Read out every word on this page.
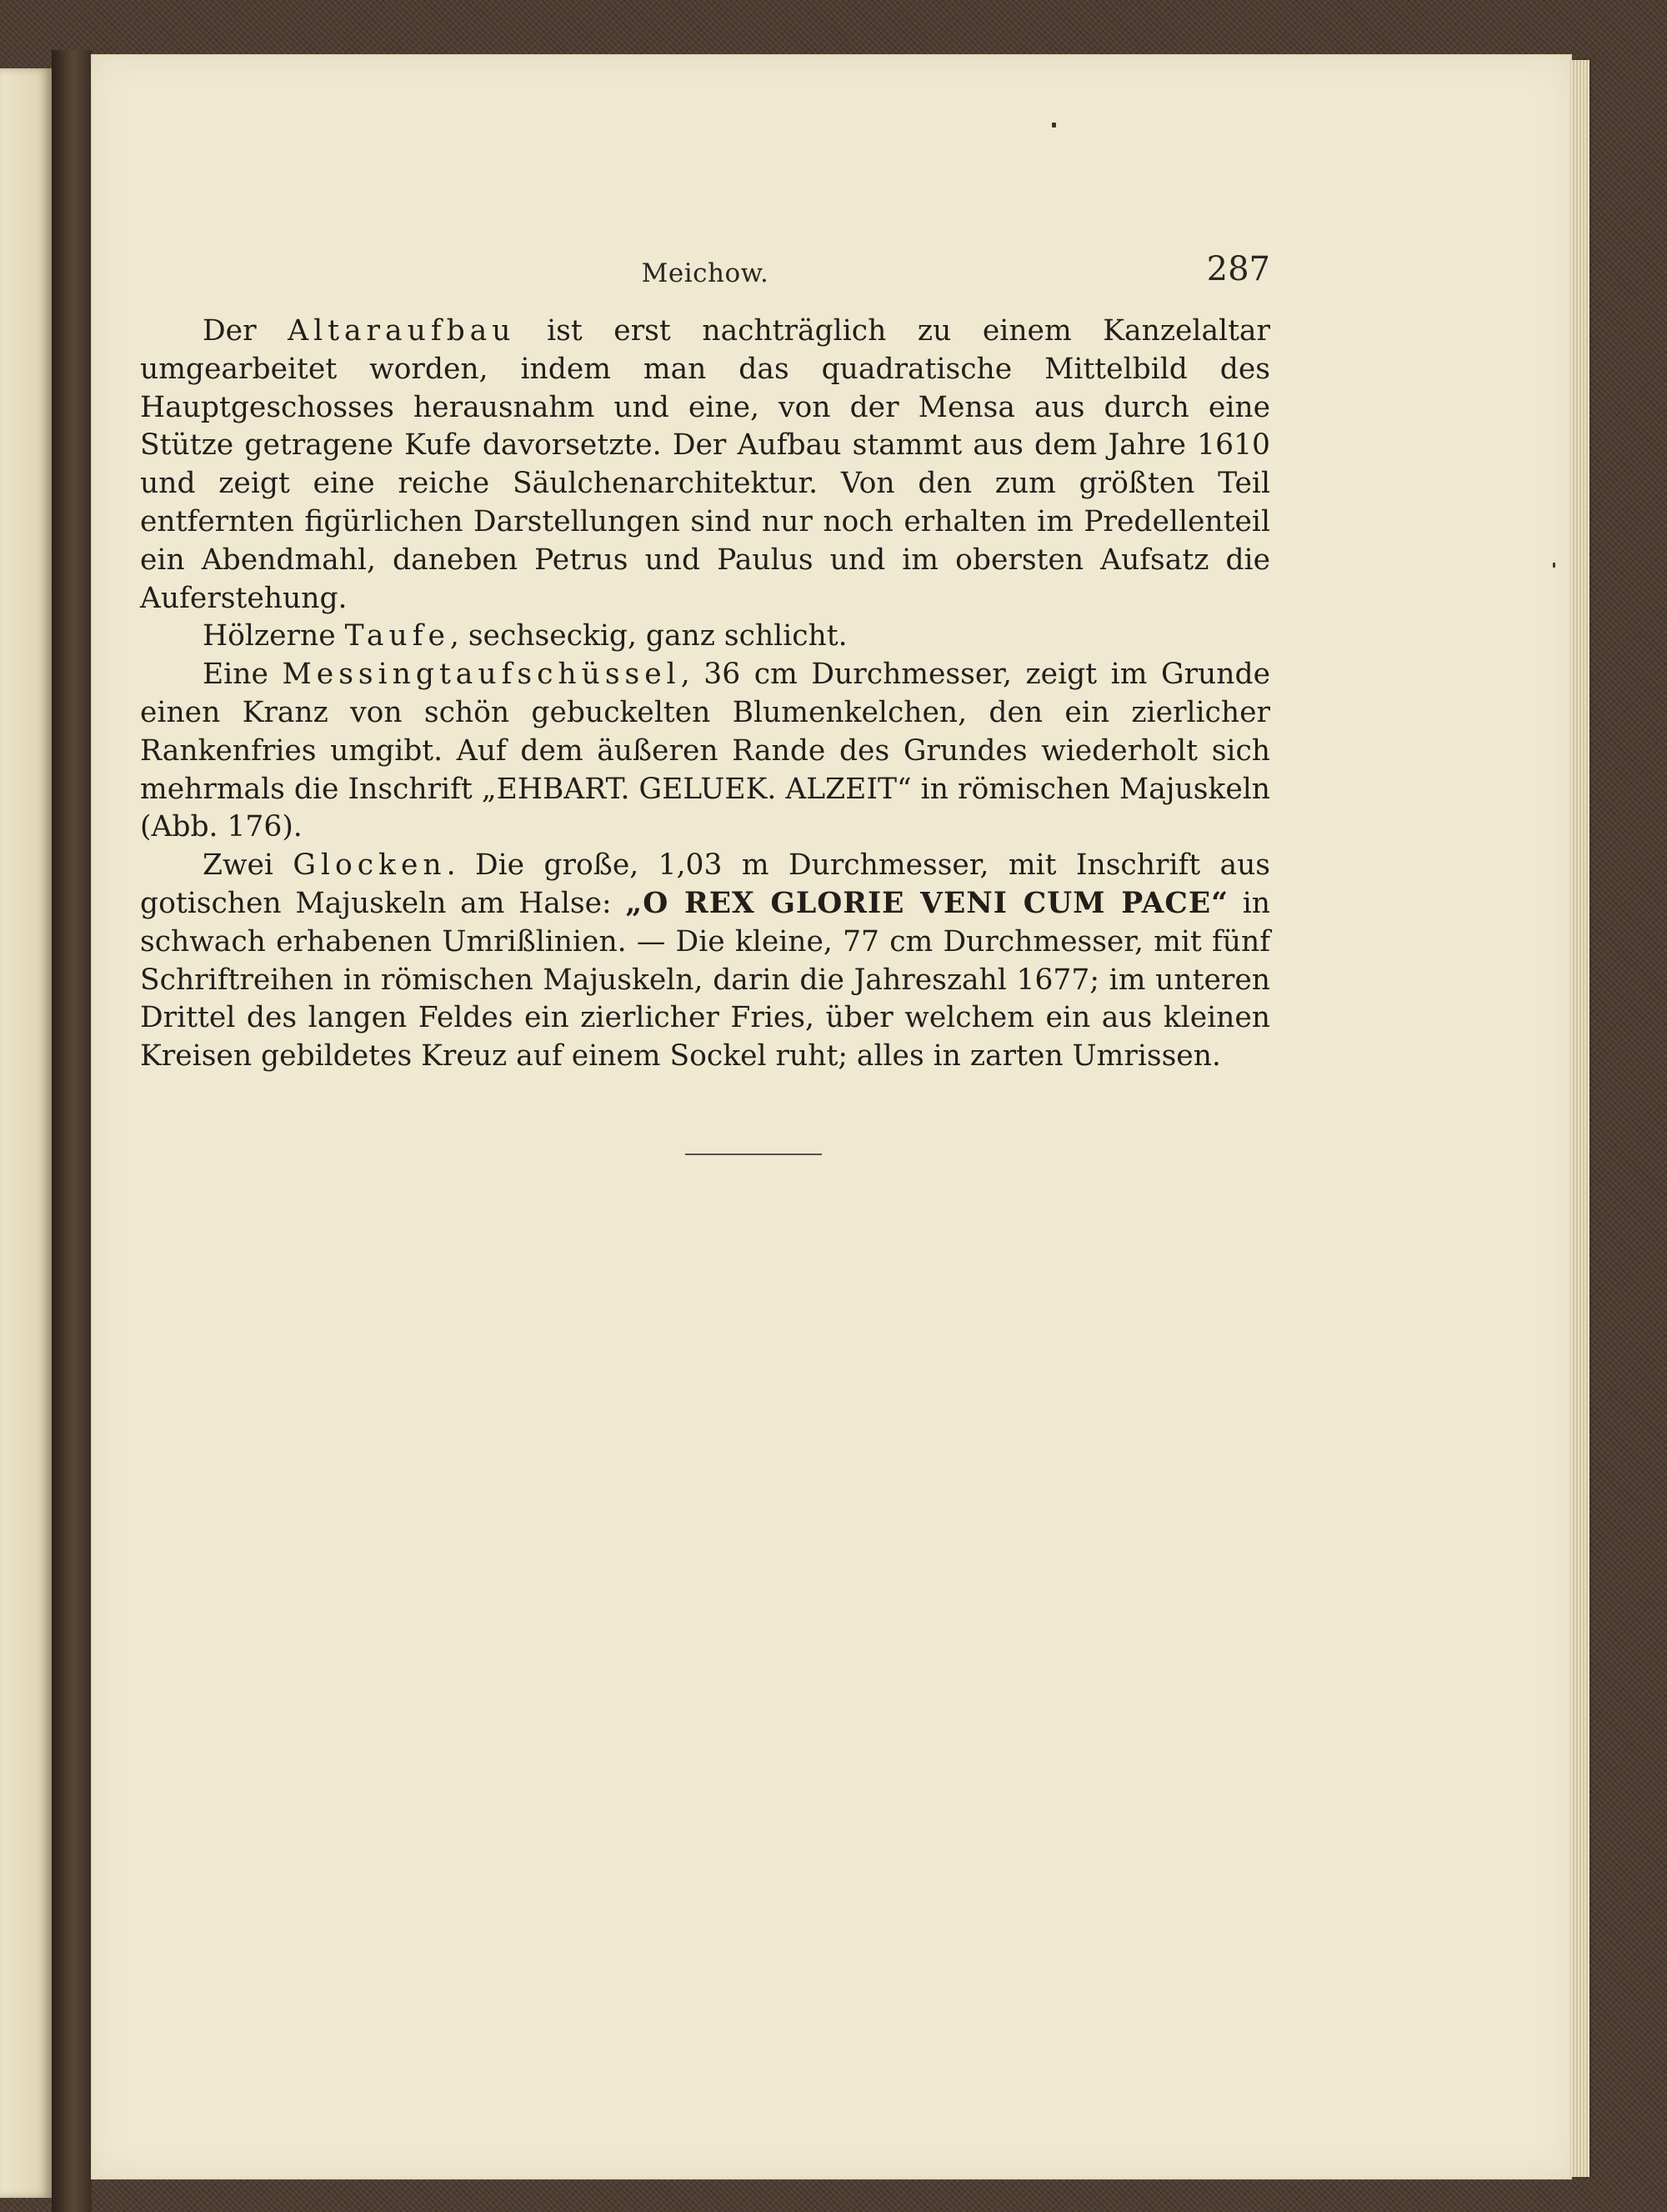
Meichow.	287

Der Altaraufbau ist erst nachträglich zu einem Kanzelaltar umgearbeitet worden, indem man das quadratische Mittelbild des Hauptgeschosses herausnahm und eine, von der Mensa aus durch eine Stütze getragene Kufe davorsetzte. Der Aufbau stammt aus dem Jahre 1610 und zeigt eine reiche Säulchenarchitektur. Von den zum größten Teil entfernten figürlichen Darstellungen sind nur noch erhalten im Predellenteil ein Abendmahl, daneben Petrus und Paulus und im obersten Aufsatz die Auferstehung.

Hölzerne Taufe, sechseckig, ganz schlicht.

Eine Messingtaufschüssel, 36 cm Durchmesser, zeigt im Grunde einen Kranz von schön gebuckelten Blumenkelchen, den ein zierlicher Rankenfries umgibt. Auf dem äußeren Rande des Grundes wiederholt sich mehrmals die Inschrift „EHBART. GELUEK. ALZEIT“ in römischen Majuskeln (Abb. 176).

Zwei Glocken. Die große, 1,03 m Durchmesser, mit Inschrift aus gotischen Majuskeln am Halse: „O REX GLORIE VENI CUM PACE“ in schwach erhabenen Umrißlinien. — Die kleine, 77 cm Durchmesser, mit fünf Schriftreihen in römischen Majuskeln, darin die Jahreszahl 1677; im unteren Drittel des langen Feldes ein zierlicher Fries, über welchem ein aus kleinen Kreisen gebildetes Kreuz auf einem Sockel ruht; alles in zarten Umrissen.
